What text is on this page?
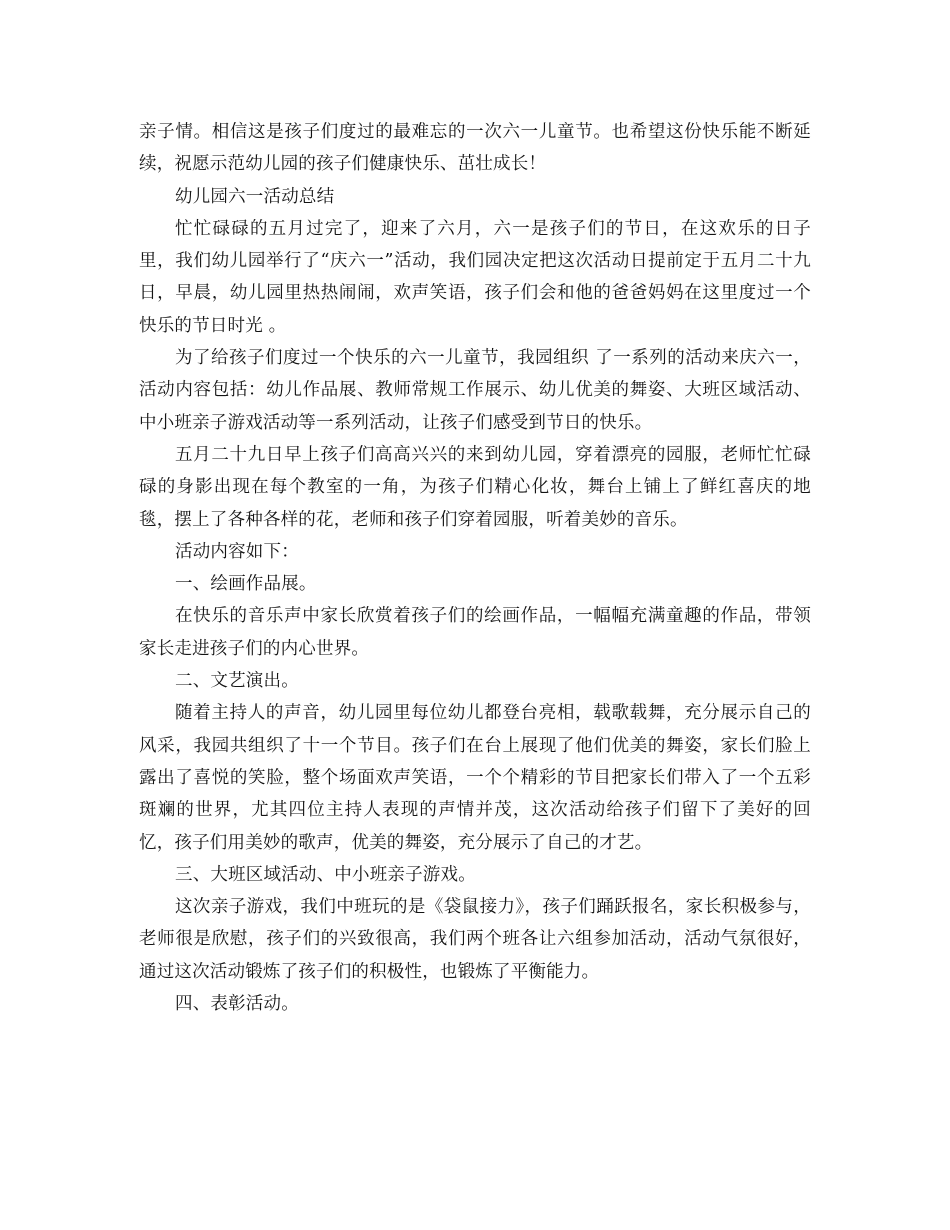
亲子情。相信这是孩子们度过的最难忘的一次六一儿童节。也希望这份快乐能不断延续，祝愿示范幼儿园的孩子们健康快乐、茁壮成长！

幼儿园六一活动总结

忙忙碌碌的五月过完了，迎来了六月，六一是孩子们的节日，在这欢乐的日子里，我们幼儿园举行了“庆六一”活动，我们园决定把这次活动日提前定于五月二十九日，早晨，幼儿园里热热闹闹，欢声笑语，孩子们会和他的爸爸妈妈在这里度过一个快乐的节日时光 。

为了给孩子们度过一个快乐的六一儿童节，我园组织 了一系列的活动来庆六一，活动内容包括：幼儿作品展、教师常规工作展示、幼儿优美的舞姿、大班区域活动、中小班亲子游戏活动等一系列活动，让孩子们感受到节日的快乐。

五月二十九日早上孩子们高高兴兴的来到幼儿园，穿着漂亮的园服，老师忙忙碌碌的身影出现在每个教室的一角，为孩子们精心化妆，舞台上铺上了鲜红喜庆的地毯，摆上了各种各样的花，老师和孩子们穿着园服，听着美妙的音乐。

活动内容如下：

一、绘画作品展。

在快乐的音乐声中家长欣赏着孩子们的绘画作品，一幅幅充满童趣的作品，带领家长走进孩子们的内心世界。

二、文艺演出。

随着主持人的声音，幼儿园里每位幼儿都登台亮相，载歌载舞，充分展示自己的风采，我园共组织了十一个节目。孩子们在台上展现了他们优美的舞姿，家长们脸上露出了喜悦的笑脸，整个场面欢声笑语，一个个精彩的节目把家长们带入了一个五彩斑斓的世界，尤其四位主持人表现的声情并茂，这次活动给孩子们留下了美好的回忆，孩子们用美妙的歌声，优美的舞姿，充分展示了自己的才艺。

三、大班区域活动、中小班亲子游戏。

这次亲子游戏，我们中班玩的是《袋鼠接力》，孩子们踊跃报名，家长积极参与，老师很是欣慰，孩子们的兴致很高，我们两个班各让六组参加活动，活动气氛很好，通过这次活动锻炼了孩子们的积极性，也锻炼了平衡能力。

四、表彰活动。
